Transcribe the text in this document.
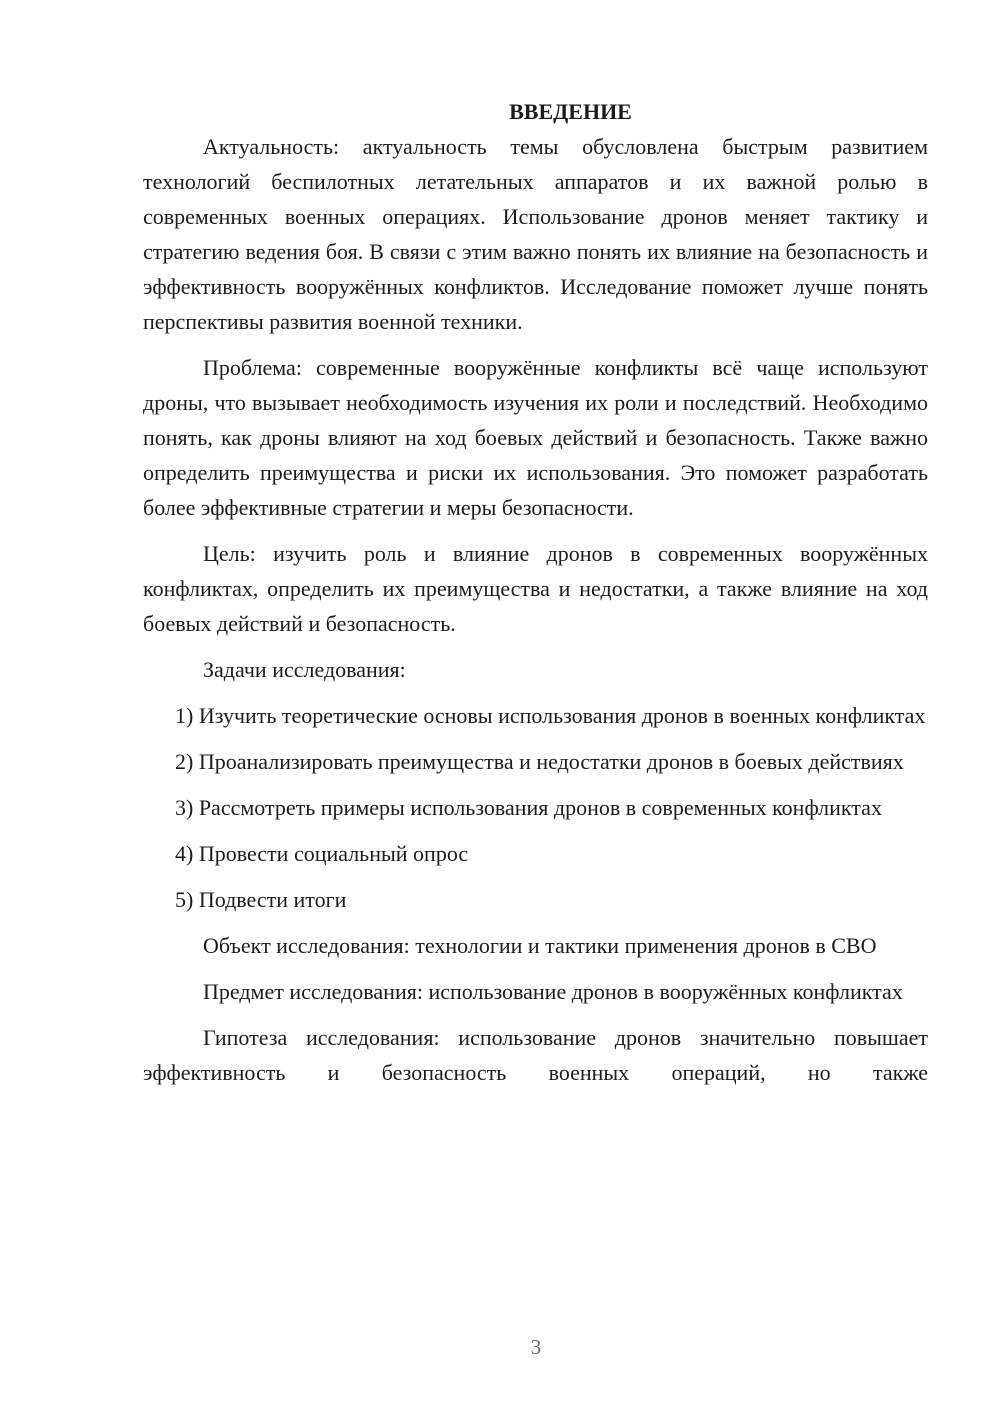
ВВЕДЕНИЕ

Актуальность: актуальность темы обусловлена быстрым развитием технологий беспилотных летательных аппаратов и их важной ролью в современных военных операциях. Использование дронов меняет тактику и стратегию ведения боя. В связи с этим важно понять их влияние на безопасность и эффективность вооружённых конфликтов. Исследование поможет лучше понять перспективы развития военной техники.

Проблема: современные вооружённые конфликты всё чаще используют дроны, что вызывает необходимость изучения их роли и последствий. Необходимо понять, как дроны влияют на ход боевых действий и безопасность. Также важно определить преимущества и риски их использования. Это поможет разработать более эффективные стратегии и меры безопасности.

Цель: изучить роль и влияние дронов в современных вооружённых конфликтах, определить их преимущества и недостатки, а также влияние на ход боевых действий и безопасность.

Задачи исследования:

1) Изучить теоретические основы использования дронов в военных конфликтах

2) Проанализировать преимущества и недостатки дронов в боевых действиях

3) Рассмотреть примеры использования дронов в современных конфликтах

4) Провести социальный опрос

5) Подвести итоги

Объект исследования: технологии и тактики применения дронов в СВО

Предмет исследования: использование дронов в вооружённых конфликтах

Гипотеза исследования: использование дронов значительно повышает эффективность и безопасность военных операций, но также

3
